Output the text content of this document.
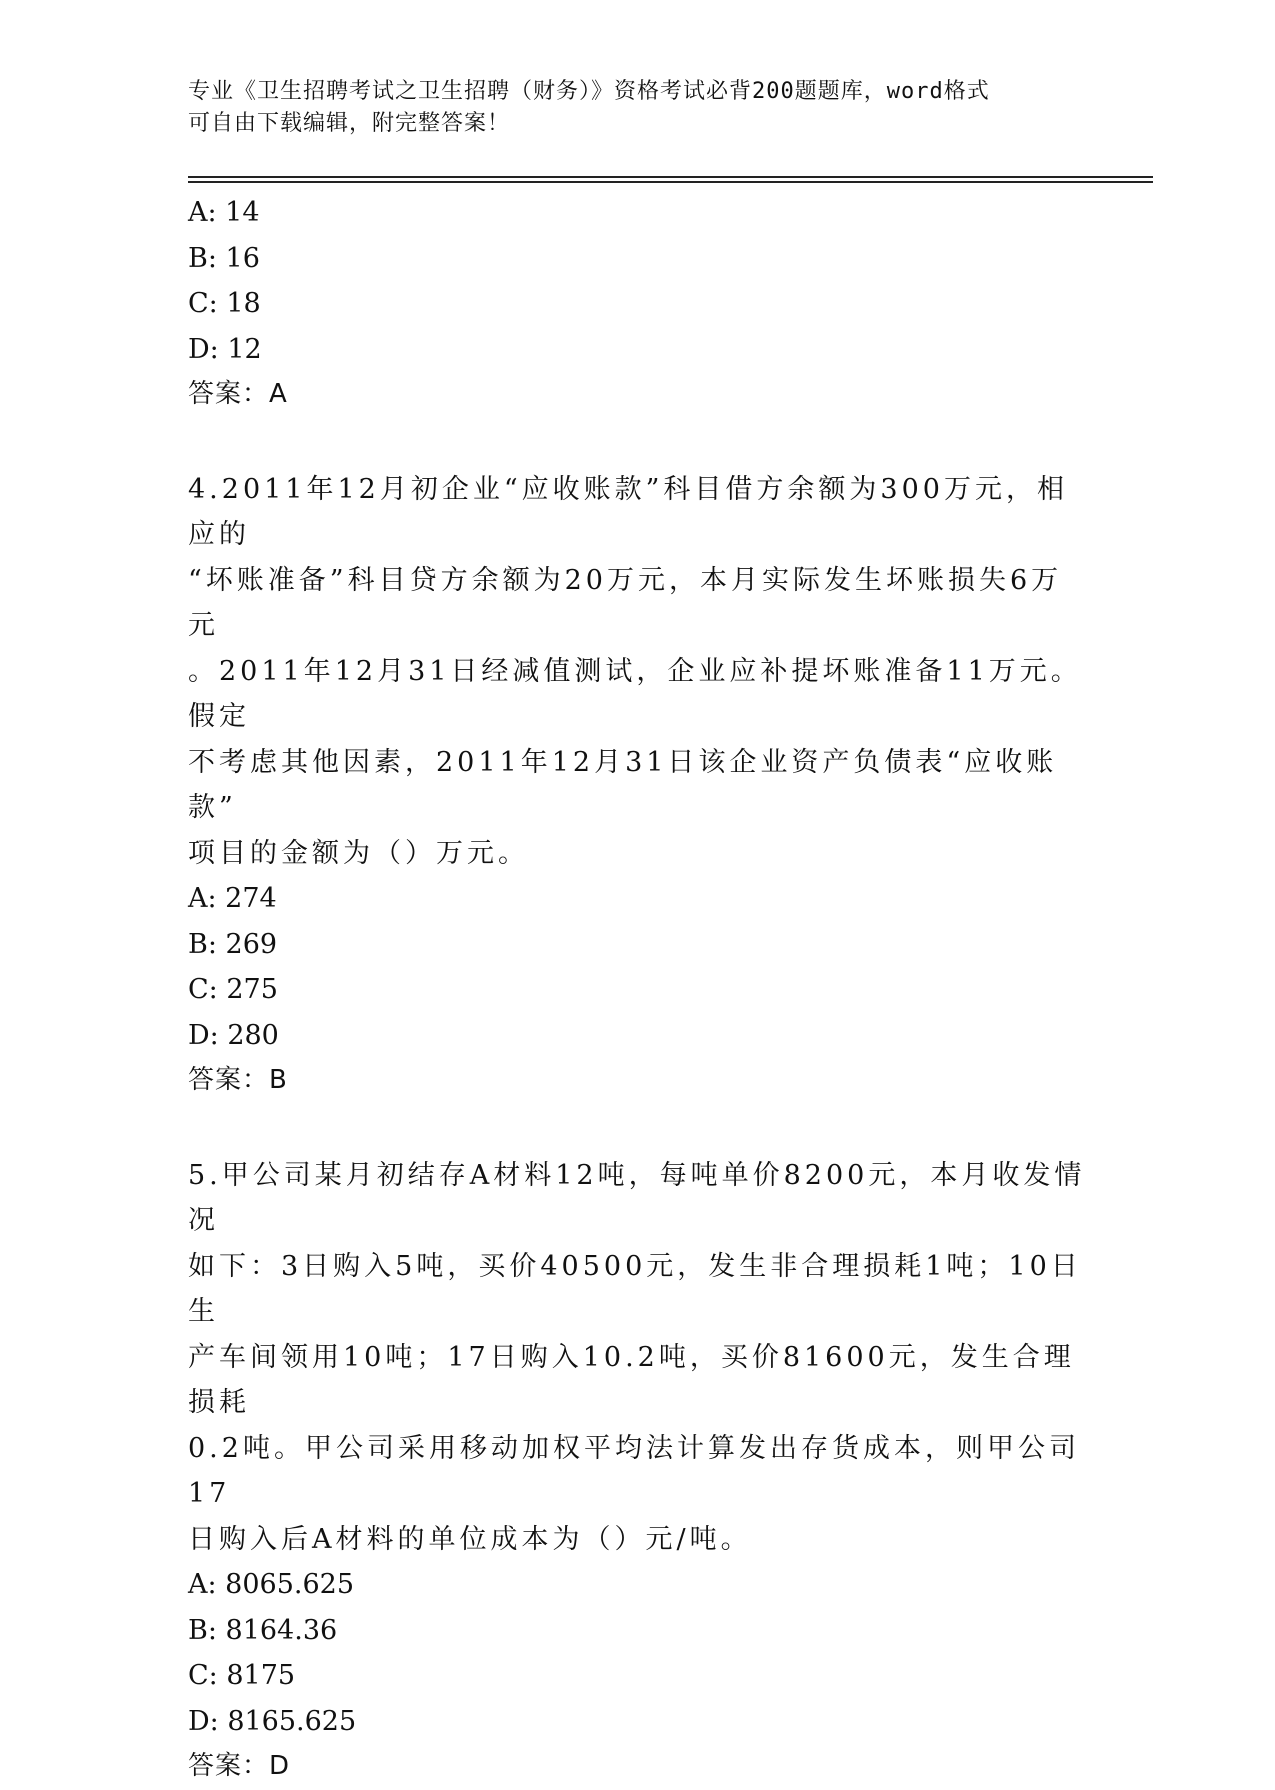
专业《卫生招聘考试之卫生招聘（财务）》资格考试必背200题题库，word格式
可自由下载编辑，附完整答案！
A: 14
B: 16
C: 18
D: 12
答案：A
4.2011年12月初企业“应收账款”科目借方余额为300万元，相应的
“坏账准备”科目贷方余额为20万元，本月实际发生坏账损失6万元
。2011年12月31日经减值测试，企业应补提坏账准备11万元。假定
不考虑其他因素，2011年12月31日该企业资产负债表“应收账款”
项目的金额为（）万元。
A: 274
B: 269
C: 275
D: 280
答案：B
5.甲公司某月初结存A材料12吨，每吨单价8200元，本月收发情况
如下：3日购入5吨，买价40500元，发生非合理损耗1吨；10日生
产车间领用10吨；17日购入10.2吨，买价81600元，发生合理损耗
0.2吨。甲公司采用移动加权平均法计算发出存货成本，则甲公司17
日购入后A材料的单位成本为（）元/吨。
A: 8065.625
B: 8164.36
C: 8175
D: 8165.625
答案：D
